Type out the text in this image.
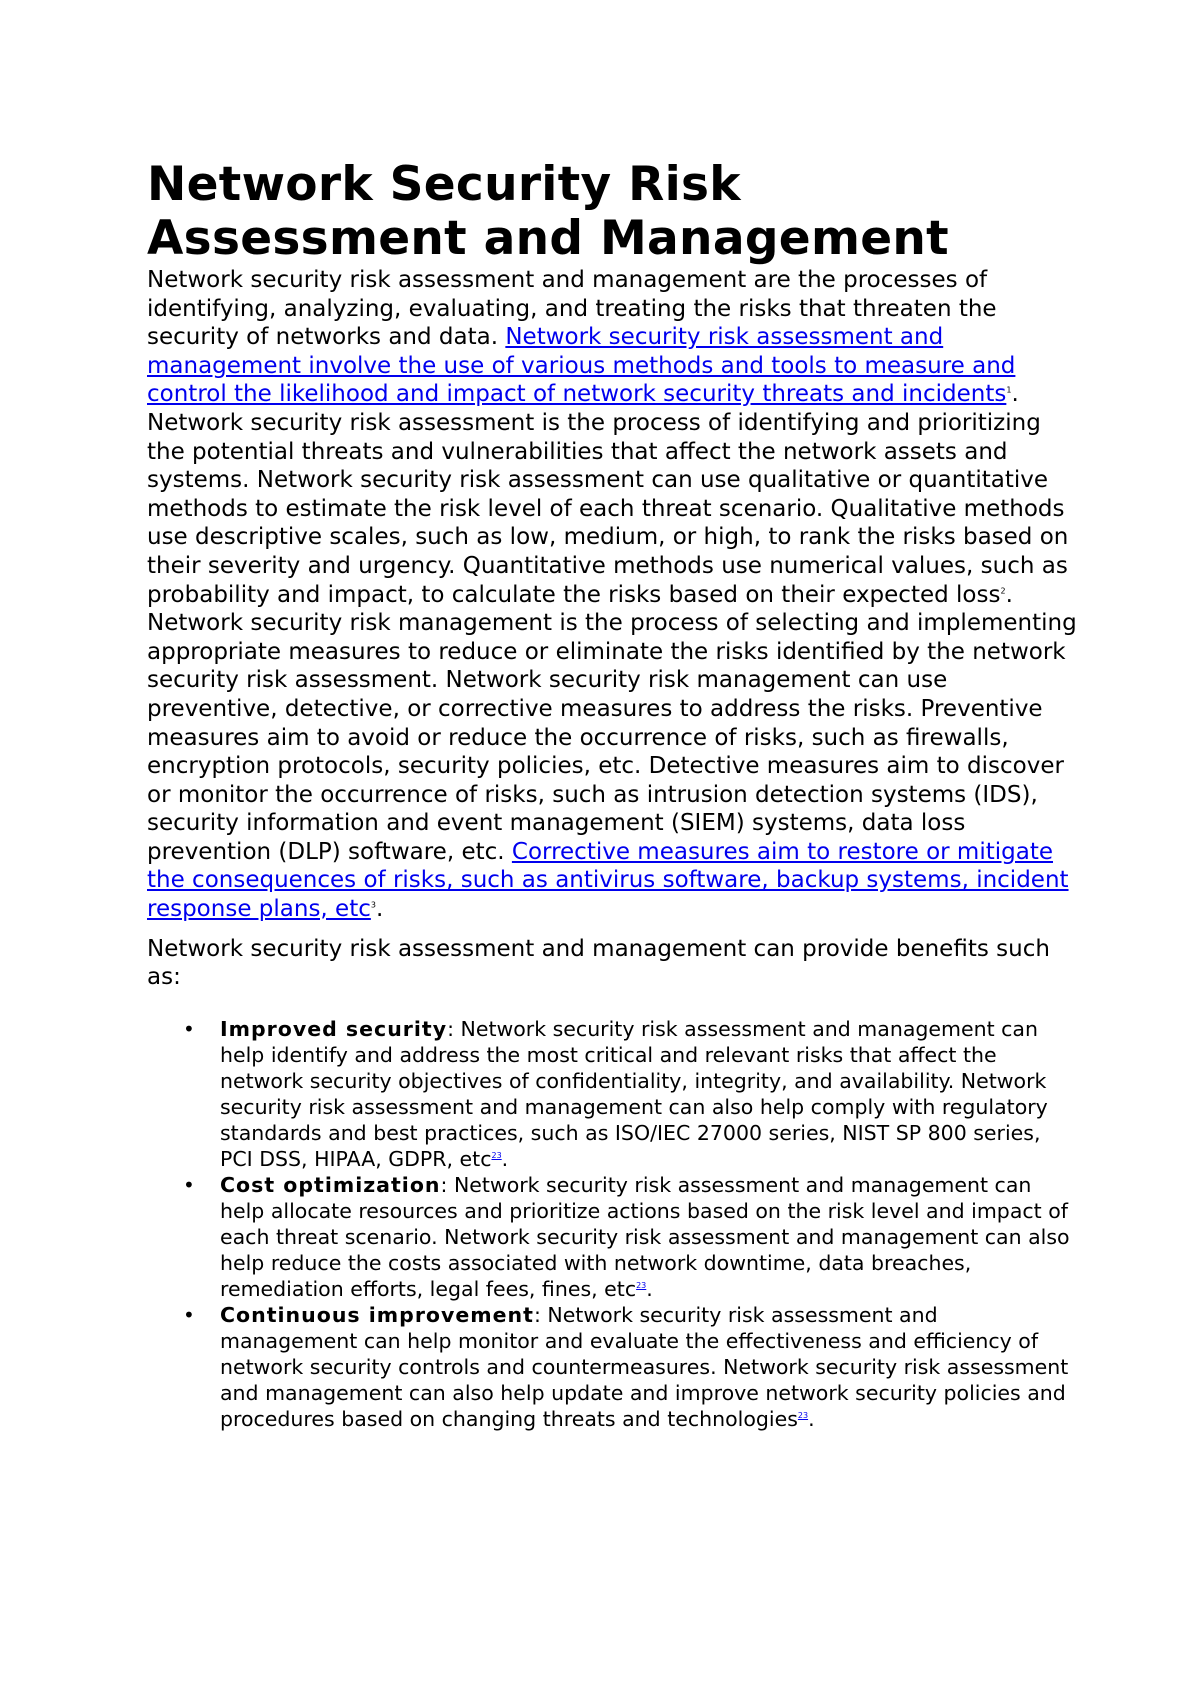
Network Security Risk Assessment and Management

Network security risk assessment and management are the processes of identifying, analyzing, evaluating, and treating the risks that threaten the security of networks and data. Network security risk assessment and management involve the use of various methods and tools to measure and control the likelihood and impact of network security threats and incidents$^1$.

Network security risk assessment is the process of identifying and prioritizing the potential threats and vulnerabilities that affect the network assets and systems. Network security risk assessment can use qualitative or quantitative methods to estimate the risk level of each threat scenario. Qualitative methods use descriptive scales, such as low, medium, or high, to rank the risks based on their severity and urgency. Quantitative methods use numerical values, such as probability and impact, to calculate the risks based on their expected loss$^2$.

Network security risk management is the process of selecting and implementing appropriate measures to reduce or eliminate the risks identified by the network security risk assessment. Network security risk management can use preventive, detective, or corrective measures to address the risks. Preventive measures aim to avoid or reduce the occurrence of risks, such as firewalls, encryption protocols, security policies, etc. Detective measures aim to discover or monitor the occurrence of risks, such as intrusion detection systems (IDS), security information and event management (SIEM) systems, data loss prevention (DLP) software, etc. Corrective measures aim to restore or mitigate the consequences of risks, such as antivirus software, backup systems, incident response plans, etc$^3$.

Network security risk assessment and management can provide benefits such as:

• Improved security: Network security risk assessment and management can help identify and address the most critical and relevant risks that affect the network security objectives of confidentiality, integrity, and availability. Network security risk assessment and management can also help comply with regulatory standards and best practices, such as ISO/IEC 27000 series, NIST SP 800 series, PCI DSS, HIPAA, GDPR, etc$^{23}$.
• Cost optimization: Network security risk assessment and management can help allocate resources and prioritize actions based on the risk level and impact of each threat scenario. Network security risk assessment and management can also help reduce the costs associated with network downtime, data breaches, remediation efforts, legal fees, fines, etc$^{23}$.
• Continuous improvement: Network security risk assessment and management can help monitor and evaluate the effectiveness and efficiency of network security controls and countermeasures. Network security risk assessment and management can also help update and improve network security policies and procedures based on changing threats and technologies$^{23}$.
